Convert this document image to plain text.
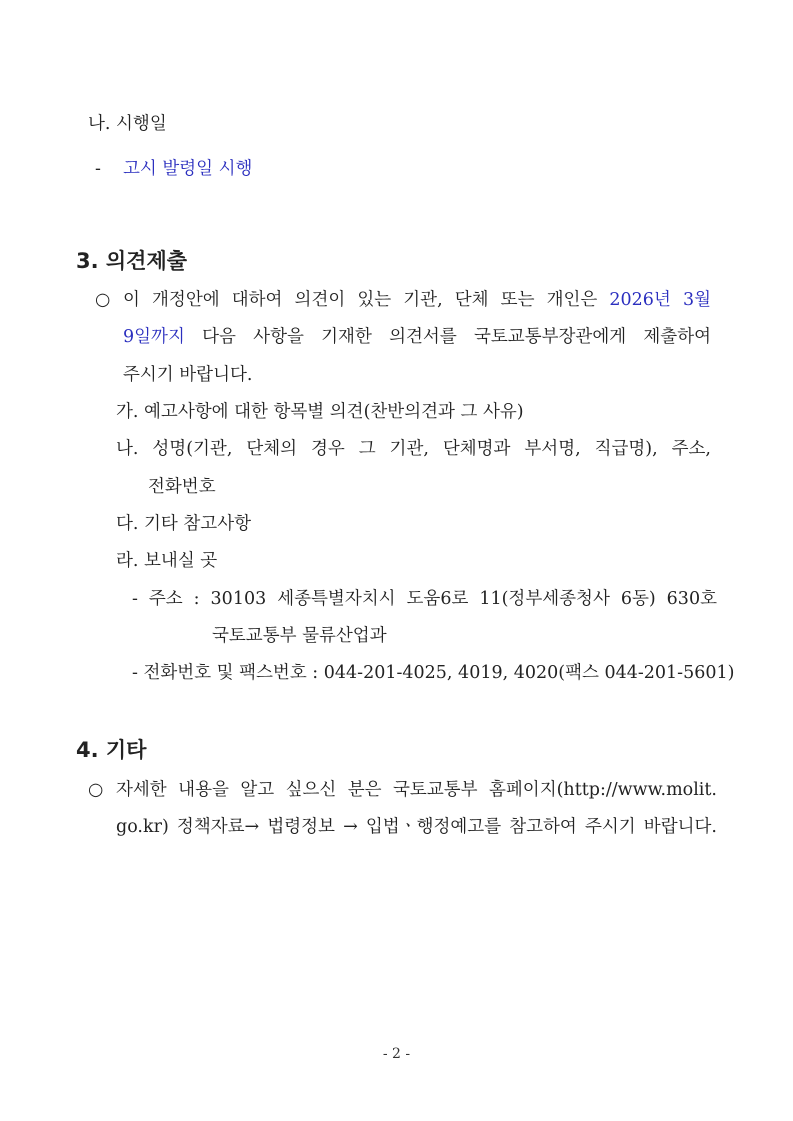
나. 시행일
- 고시 발령일 시행
3. 의견제출
○ 이 개정안에 대하여 의견이 있는 기관, 단체 또는 개인은 2026년 3월
9일까지 다음 사항을 기재한 의견서를 국토교통부장관에게 제출하여
주시기 바랍니다.
가. 예고사항에 대한 항목별 의견(찬반의견과 그 사유)
나. 성명(기관, 단체의 경우 그 기관, 단체명과 부서명, 직급명), 주소,
전화번호
다. 기타 참고사항
라. 보내실 곳
- 주소 : 30103 세종특별자치시 도움6로 11(정부세종청사 6동) 630호
국토교통부 물류산업과
- 전화번호 및 팩스번호 : 044-201-4025, 4019, 4020(팩스 044-201-5601)
4. 기타
○ 자세한 내용을 알고 싶으신 분은 국토교통부 홈페이지(http://www.molit.
go.kr) 정책자료→ 법령정보 → 입법ㆍ행정예고를 참고하여 주시기 바랍니다.
- 2 -
